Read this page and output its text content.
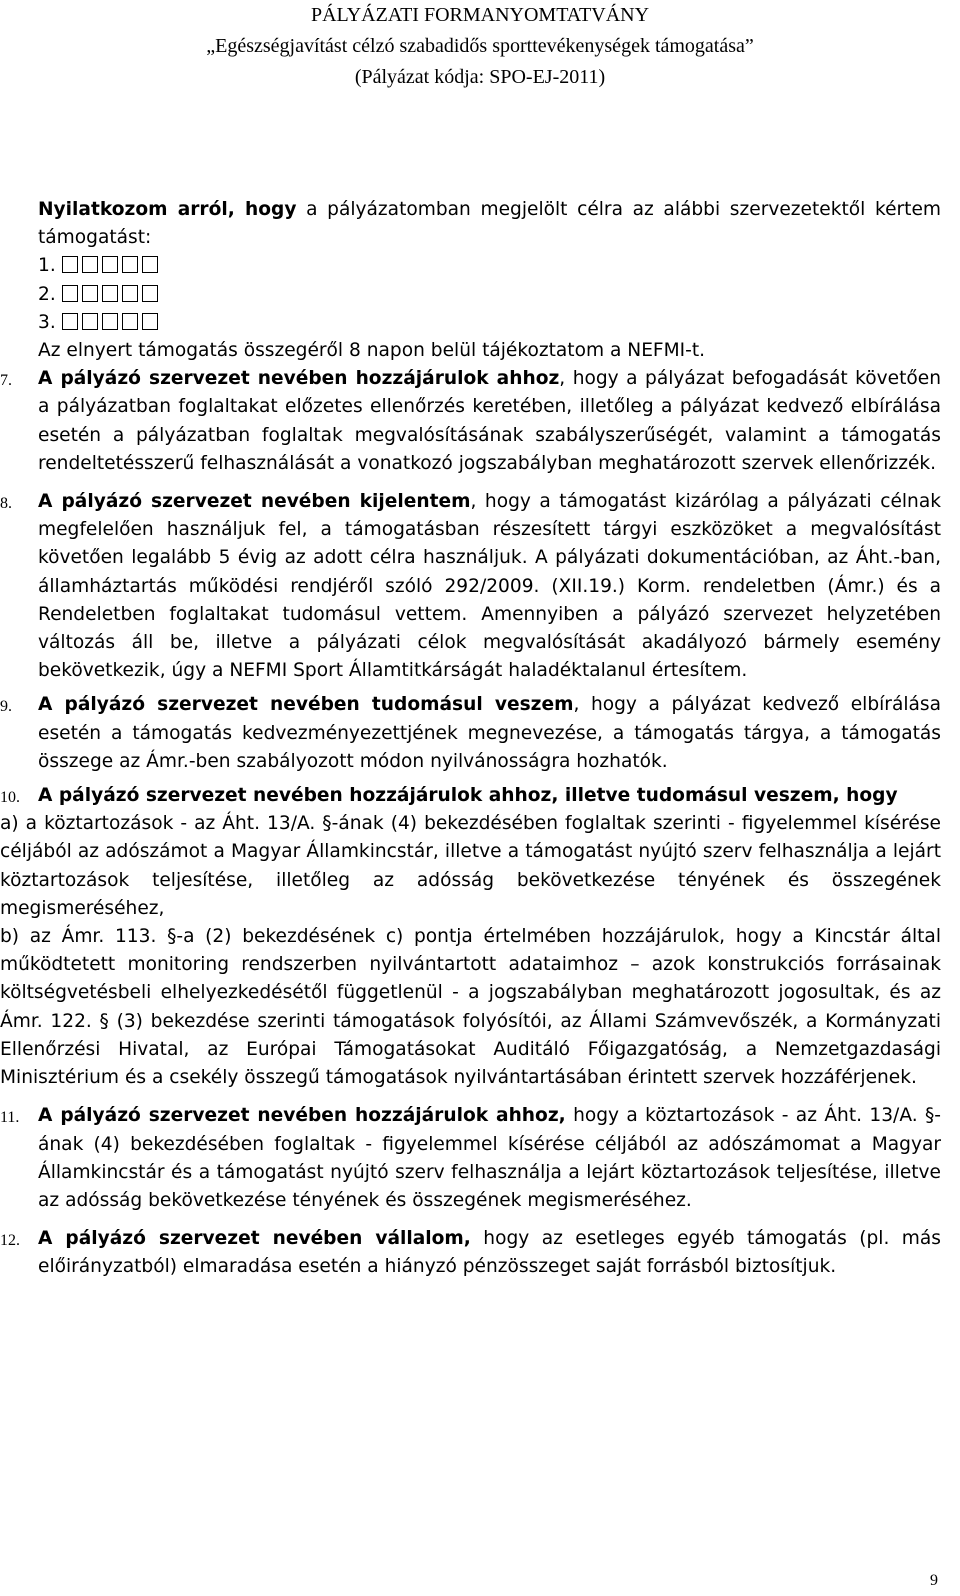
PÁLYÁZATI FORMANYOMTATVÁNY
„Egészségjavítást célzó szabadidős sporttevékenységek támogatása”
(Pályázat kódja: SPO-EJ-2011)
Nyilatkozom arról, hogy a pályázatomban megjelölt célra az alábbi szervezetektől kértem támogatást:
1.
2.
3.
Az elnyert támogatás összegéről 8 napon belül tájékoztatom a NEFMI-t.
7. A pályázó szervezet nevében hozzájárulok ahhoz, hogy a pályázat befogadását követően a pályázatban foglaltakat előzetes ellenőrzés keretében, illetőleg a pályázat kedvező elbírálása esetén a pályázatban foglaltak megvalósításának szabályszerűségét, valamint a támogatás rendeltetésszerű felhasználását a vonatkozó jogszabályban meghatározott szervek ellenőrizzék.
8. A pályázó szervezet nevében kijelentem, hogy a támogatást kizárólag a pályázati célnak megfelelően használjuk fel, a támogatásban részesített tárgyi eszközöket a megvalósítást követően legalább 5 évig az adott célra használjuk. A pályázati dokumentációban, az Áht.-ban, államháztartás működési rendjéről szóló 292/2009. (XII.19.) Korm. rendeletben (Ámr.) és a Rendeletben foglaltakat tudomásul vettem. Amennyiben a pályázó szervezet helyzetében változás áll be, illetve a pályázati célok megvalósítását akadályozó bármely esemény bekövetkezik, úgy a NEFMI Sport Államtitkárságát haladéktalanul értesítem.
9. A pályázó szervezet nevében tudomásul veszem, hogy a pályázat kedvező elbírálása esetén a támogatás kedvezményezettjének megnevezése, a támogatás tárgya, a támogatás összege az Ámr.-ben szabályozott módon nyilvánosságra hozhatók.
10. A pályázó szervezet nevében hozzájárulok ahhoz, illetve tudomásul veszem, hogy
a) a köztartozások - az Áht. 13/A. §-ának (4) bekezdésében foglaltak szerinti - figyelemmel kísérése céljából az adószámot a Magyar Államkincstár, illetve a támogatást nyújtó szerv felhasználja a lejárt köztartozások teljesítése, illetőleg az adósság bekövetkezése tényének és összegének megismeréséhez,
b) az Ámr. 113. §-a (2) bekezdésének c) pontja értelmében hozzájárulok, hogy a Kincstár által működtetett monitoring rendszerben nyilvántartott adataimhoz – azok konstrukciós forrásainak költségvetésbeli elhelyezkedésétől függetlenül - a jogszabályban meghatározott jogosultak, és az Ámr. 122. § (3) bekezdése szerinti támogatások folyósítói, az Állami Számvevőszék, a Kormányzati Ellenőrzési Hivatal, az Európai Támogatásokat Auditáló Főigazgatóság, a Nemzetgazdasági Minisztérium és a csekély összegű támogatások nyilvántartásában érintett szervek hozzáférjenek.
11. A pályázó szervezet nevében hozzájárulok ahhoz, hogy a köztartozások - az Áht. 13/A. §-ának (4) bekezdésében foglaltak - figyelemmel kísérése céljából az adószámomat a Magyar Államkincstár és a támogatást nyújtó szerv felhasználja a lejárt köztartozások teljesítése, illetve az adósság bekövetkezése tényének és összegének megismeréséhez.
12. A pályázó szervezet nevében vállalom, hogy az esetleges egyéb támogatás (pl. más előirányzatból) elmaradása esetén a hiányzó pénzösszeget saját forrásból biztosítjuk.
9
